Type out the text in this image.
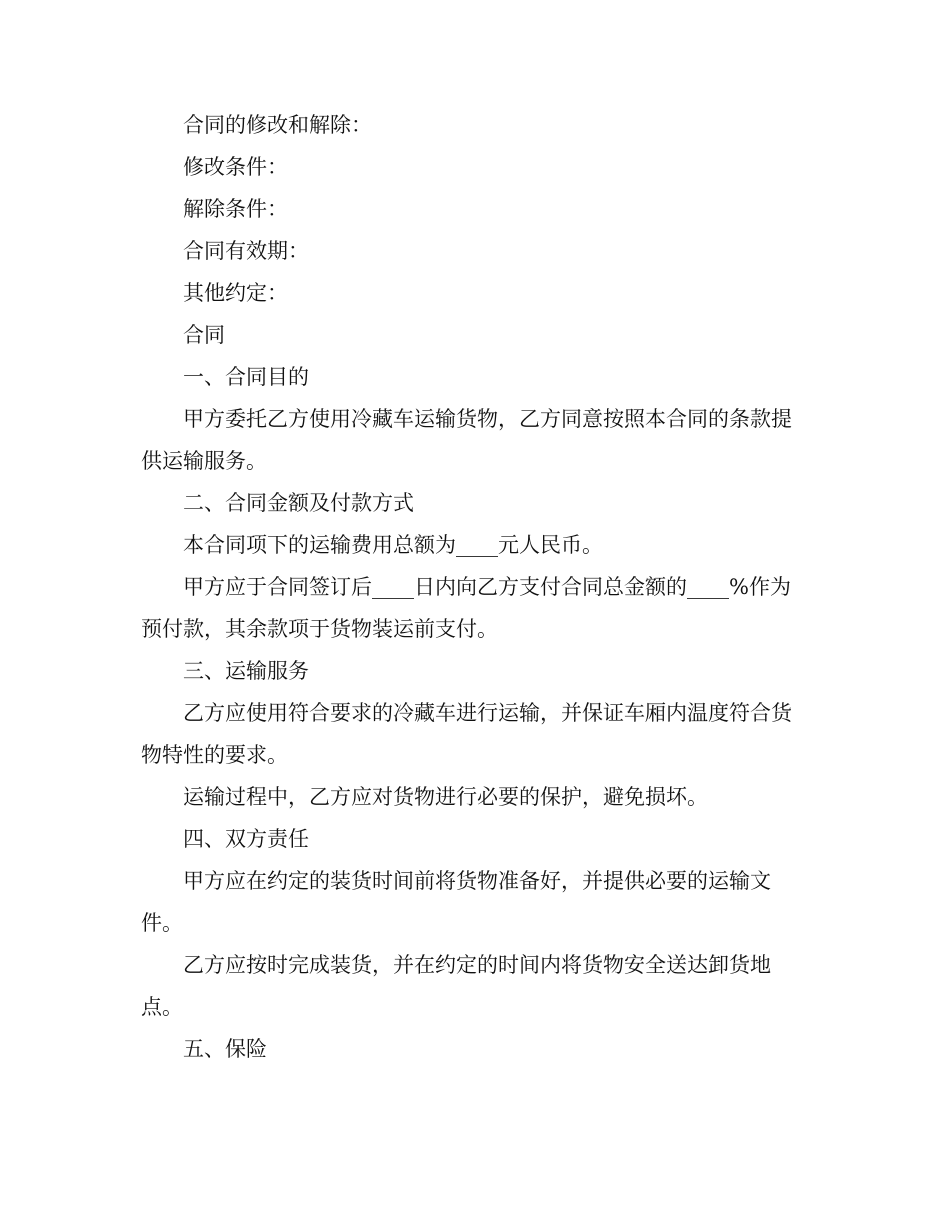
合同的修改和解除：

修改条件：

解除条件：

合同有效期：

其他约定：

合同

一、合同目的

甲方委托乙方使用冷藏车运输货物，乙方同意按照本合同的条款提供运输服务。

二、合同金额及付款方式

本合同项下的运输费用总额为____元人民币。

甲方应于合同签订后____日内向乙方支付合同总金额的____%作为预付款，其余款项于货物装运前支付。

三、运输服务

乙方应使用符合要求的冷藏车进行运输，并保证车厢内温度符合货物特性的要求。

运输过程中，乙方应对货物进行必要的保护，避免损坏。

四、双方责任

甲方应在约定的装货时间前将货物准备好，并提供必要的运输文件。

乙方应按时完成装货，并在约定的时间内将货物安全送达卸货地点。

五、保险
